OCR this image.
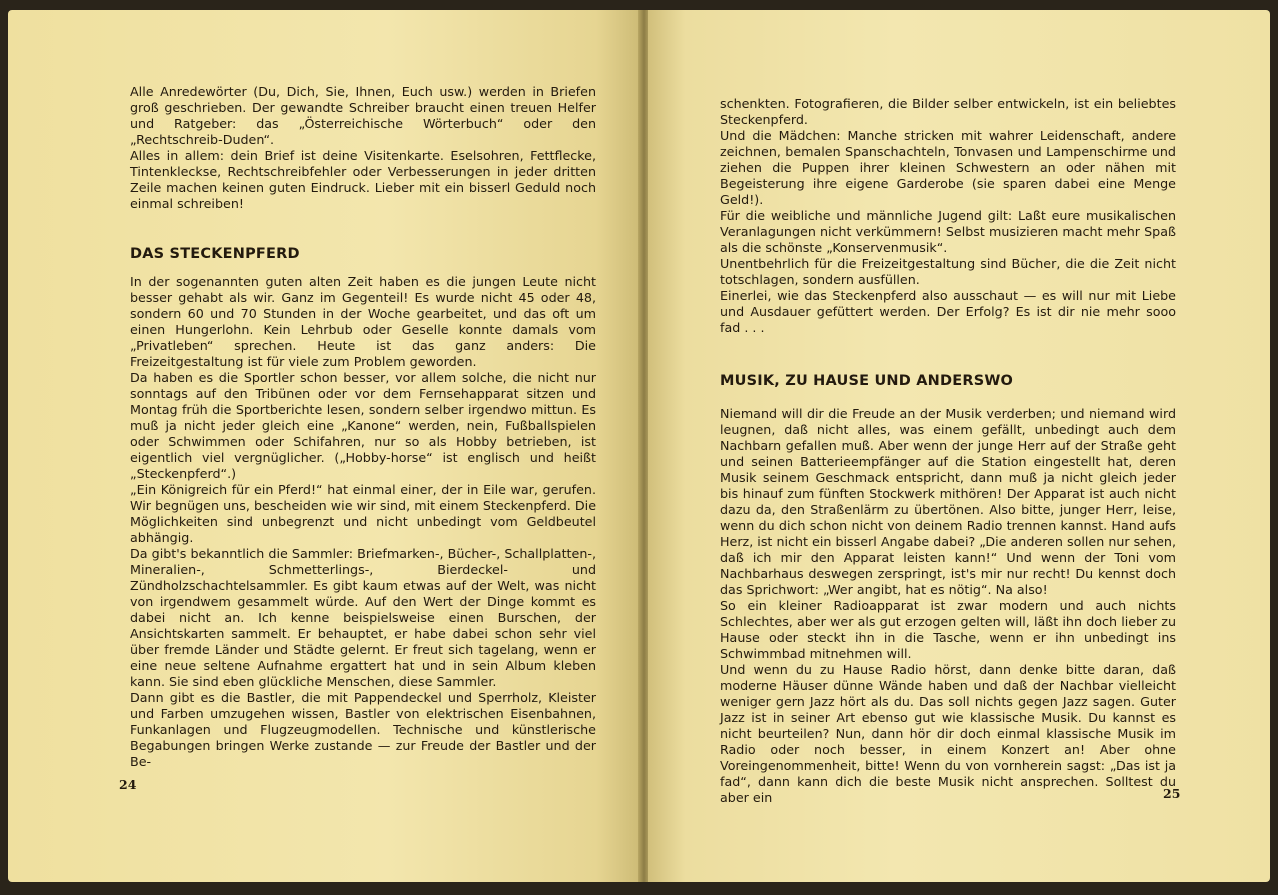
Alle Anredewörter (Du, Dich, Sie, Ihnen, Euch usw.) werden in Briefen groß geschrieben. Der gewandte Schreiber braucht einen treuen Helfer und Ratgeber: das „Österreichische Wörterbuch“ oder den „Rechtschreib-Duden“.

Alles in allem: dein Brief ist deine Visitenkarte. Eselsohren, Fettflecke, Tintenkleckse, Rechtschreibfehler oder Verbesserungen in jeder dritten Zeile machen keinen guten Eindruck. Lieber mit ein bisserl Geduld noch einmal schreiben!

DAS STECKENPFERD

In der sogenannten guten alten Zeit haben es die jungen Leute nicht besser gehabt als wir. Ganz im Gegenteil! Es wurde nicht 45 oder 48, sondern 60 und 70 Stunden in der Woche gearbeitet, und das oft um einen Hungerlohn. Kein Lehrbub oder Geselle konnte damals vom „Privatleben“ sprechen. Heute ist das ganz anders: Die Freizeitgestaltung ist für viele zum Problem geworden.

Da haben es die Sportler schon besser, vor allem solche, die nicht nur sonntags auf den Tribünen oder vor dem Fernsehapparat sitzen und Montag früh die Sportberichte lesen, sondern selber irgendwo mittun. Es muß ja nicht jeder gleich eine „Kanone“ werden, nein, Fußballspielen oder Schwimmen oder Schifahren, nur so als Hobby betrieben, ist eigentlich viel vergnüglicher. („Hobby-horse“ ist englisch und heißt „Steckenpferd“.)

„Ein Königreich für ein Pferd!“ hat einmal einer, der in Eile war, gerufen. Wir begnügen uns, bescheiden wie wir sind, mit einem Steckenpferd. Die Möglichkeiten sind unbegrenzt und nicht unbedingt vom Geldbeutel abhängig.

Da gibt's bekanntlich die Sammler: Briefmarken-, Bücher-, Schallplatten-, Mineralien-, Schmetterlings-, Bierdeckel- und Zündholzschachtelsammler. Es gibt kaum etwas auf der Welt, was nicht von irgendwem gesammelt würde. Auf den Wert der Dinge kommt es dabei nicht an. Ich kenne beispielsweise einen Burschen, der Ansichtskarten sammelt. Er behauptet, er habe dabei schon sehr viel über fremde Länder und Städte gelernt. Er freut sich tagelang, wenn er eine neue seltene Aufnahme ergattert hat und in sein Album kleben kann. Sie sind eben glückliche Menschen, diese Sammler.

Dann gibt es die Bastler, die mit Pappendeckel und Sperrholz, Kleister und Farben umzugehen wissen, Bastler von elektrischen Eisenbahnen, Funkanlagen und Flugzeugmodellen. Technische und künstlerische Begabungen bringen Werke zustande — zur Freude der Bastler und der Be-

24

schenkten. Fotografieren, die Bilder selber entwickeln, ist ein beliebtes Steckenpferd.

Und die Mädchen: Manche stricken mit wahrer Leidenschaft, andere zeichnen, bemalen Spanschachteln, Tonvasen und Lampenschirme und ziehen die Puppen ihrer kleinen Schwestern an oder nähen mit Begeisterung ihre eigene Garderobe (sie sparen dabei eine Menge Geld!).

Für die weibliche und männliche Jugend gilt: Laßt eure musikalischen Veranlagungen nicht verkümmern! Selbst musizieren macht mehr Spaß als die schönste „Konservenmusik“.

Unentbehrlich für die Freizeitgestaltung sind Bücher, die die Zeit nicht totschlagen, sondern ausfüllen.

Einerlei, wie das Steckenpferd also ausschaut — es will nur mit Liebe und Ausdauer gefüttert werden. Der Erfolg? Es ist dir nie mehr sooo fad . . .

MUSIK, ZU HAUSE UND ANDERSWO

Niemand will dir die Freude an der Musik verderben; und niemand wird leugnen, daß nicht alles, was einem gefällt, unbedingt auch dem Nachbarn gefallen muß. Aber wenn der junge Herr auf der Straße geht und seinen Batterieempfänger auf die Station eingestellt hat, deren Musik seinem Geschmack entspricht, dann muß ja nicht gleich jeder bis hinauf zum fünften Stockwerk mithören! Der Apparat ist auch nicht dazu da, den Straßenlärm zu übertönen. Also bitte, junger Herr, leise, wenn du dich schon nicht von deinem Radio trennen kannst. Hand aufs Herz, ist nicht ein bisserl Angabe dabei? „Die anderen sollen nur sehen, daß ich mir den Apparat leisten kann!“ Und wenn der Toni vom Nachbarhaus deswegen zerspringt, ist's mir nur recht! Du kennst doch das Sprichwort: „Wer angibt, hat es nötig“. Na also!

So ein kleiner Radioapparat ist zwar modern und auch nichts Schlechtes, aber wer als gut erzogen gelten will, läßt ihn doch lieber zu Hause oder steckt ihn in die Tasche, wenn er ihn unbedingt ins Schwimmbad mitnehmen will.

Und wenn du zu Hause Radio hörst, dann denke bitte daran, daß moderne Häuser dünne Wände haben und daß der Nachbar vielleicht weniger gern Jazz hört als du. Das soll nichts gegen Jazz sagen. Guter Jazz ist in seiner Art ebenso gut wie klassische Musik. Du kannst es nicht beurteilen? Nun, dann hör dir doch einmal klassische Musik im Radio oder noch besser, in einem Konzert an! Aber ohne Voreingenommenheit, bitte! Wenn du von vornherein sagst: „Das ist ja fad“, dann kann dich die beste Musik nicht ansprechen. Solltest du aber ein	25
